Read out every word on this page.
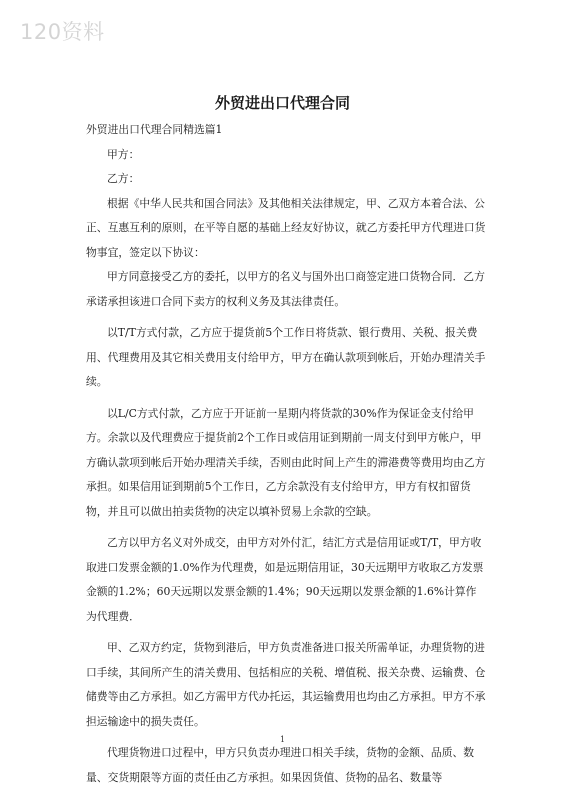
120资料
外贸进出口代理合同

外贸进出口代理合同精选篇1

甲方：

乙方：

根据《中华人民共和国合同法》及其他相关法律规定，甲、乙双方本着合法、公正、互惠互利的原则，在平等自愿的基础上经友好协议，就乙方委托甲方代理进口货物事宜，签定以下协议：

甲方同意接受乙方的委托，以甲方的名义与国外出口商签定进口货物合同．乙方承诺承担该进口合同下卖方的权利义务及其法律责任。

以T/T方式付款，乙方应于提货前5个工作日将货款、银行费用、关税、报关费用、代理费用及其它相关费用支付给甲方，甲方在确认款项到帐后，开始办理清关手续。

以L/C方式付款，乙方应于开证前一星期内将货款的30%作为保证金支付给甲方。余款以及代理费应于提货前2个工作日或信用证到期前一周支付到甲方帐户，甲方确认款项到帐后开始办理清关手续，否则由此时间上产生的滞港费等费用均由乙方承担。如果信用证到期前5个工作日，乙方余款没有支付给甲方，甲方有权扣留货物，并且可以做出拍卖货物的决定以填补贸易上余款的空缺。

乙方以甲方名义对外成交，由甲方对外付汇，结汇方式是信用证或T/T，甲方收取进口发票金额的1.0%作为代理费，如是远期信用证，30天远期甲方收取乙方发票金额的1.2%；60天远期以发票金额的1.4%；90天远期以发票金额的1.6%计算作为代理费．

甲、乙双方约定，货物到港后，甲方负责准备进口报关所需单证，办理货物的进口手续，其间所产生的清关费用、包括相应的关税、增值税、报关杂费、运输费、仓储费等由乙方承担。如乙方需甲方代办托运，其运输费用也均由乙方承担。甲方不承担运输途中的损失责任。

代理货物进口过程中，甲方只负责办理进口相关手续，货物的金额、品质、数量、交货期限等方面的责任由乙方承担。如果因货值、货物的品名、数量等

1
